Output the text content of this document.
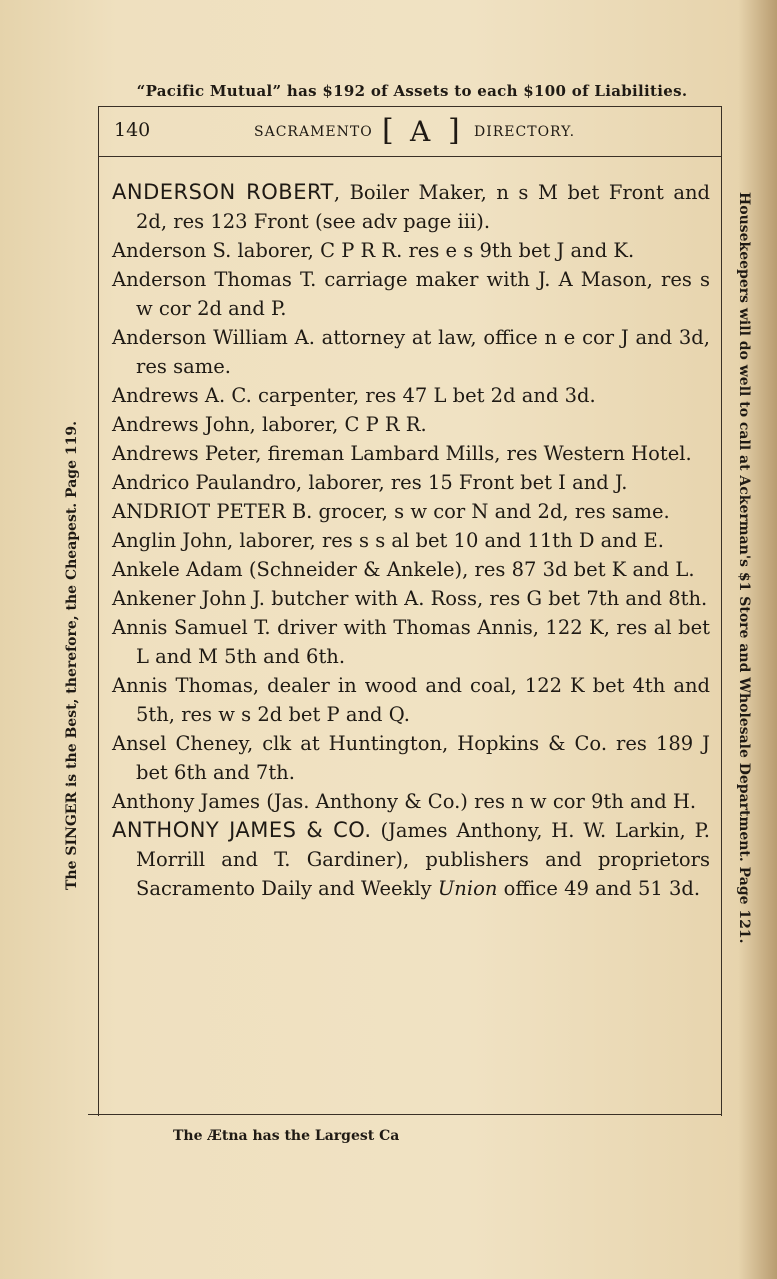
“Pacific Mutual” has $192 of Assets to each $100 of Liabilities.
140	SACRAMENTO [ A ] DIRECTORY.
The SINGER is the Best, therefore, the Cheapest. Page 119.	Housekeepers will do well to call at Ackerman's $1 Store and Wholesale Department. Page 121.

ANDERSON ROBERT, Boiler Maker, n s M bet Front and 2d, res 123 Front (see adv page iii).

Anderson S. laborer, C P R R. res e s 9th bet J and K.

Anderson Thomas T. carriage maker with J. A Mason, res s w cor 2d and P.

Anderson William A. attorney at law, office n e cor J and 3d, res same.

Andrews A. C. carpenter, res 47 L bet 2d and 3d.

Andrews John, laborer, C P R R.

Andrews Peter, fireman Lambard Mills, res Western Hotel.

Andrico Paulandro, laborer, res 15 Front bet I and J.

ANDRIOT PETER B. grocer, s w cor N and 2d, res same.

Anglin John, laborer, res s s al bet 10 and 11th D and E.

Ankele Adam (Schneider & Ankele), res 87 3d bet K and L.

Ankener John J. butcher with A. Ross, res G bet 7th and 8th.

Annis Samuel T. driver with Thomas Annis, 122 K, res al bet L and M 5th and 6th.

Annis Thomas, dealer in wood and coal, 122 K bet 4th and 5th, res w s 2d bet P and Q.

Ansel Cheney, clk at Huntington, Hopkins & Co. res 189 J bet 6th and 7th.

Anthony James (Jas. Anthony & Co.) res n w cor 9th and H.

ANTHONY JAMES & CO. (James Anthony, H. W. Larkin, P. Morrill and T. Gardiner), publishers and proprietors Sacramento Daily and Weekly Union office 49 and 51 3d.

The Ætna has the Largest Ca
